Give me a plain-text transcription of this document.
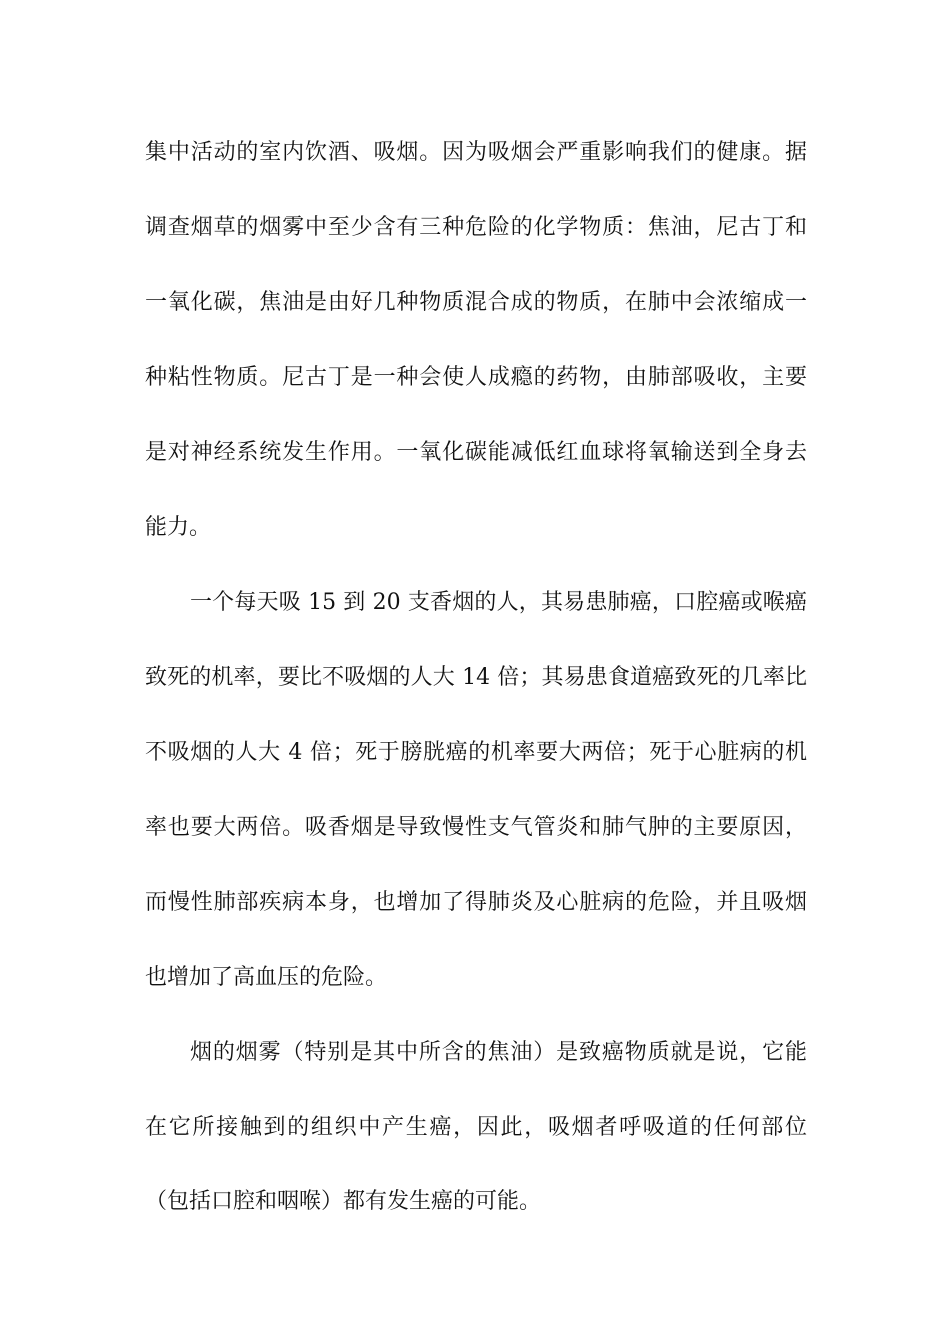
集中活动的室内饮酒、吸烟。因为吸烟会严重影响我们的健康。据
调查烟草的烟雾中至少含有三种危险的化学物质：焦油，尼古丁和
一氧化碳，焦油是由好几种物质混合成的物质，在肺中会浓缩成一
种粘性物质。尼古丁是一种会使人成瘾的药物，由肺部吸收，主要
是对神经系统发生作用。一氧化碳能减低红血球将氧输送到全身去
能力。
一个每天吸 15 到 20 支香烟的人，其易患肺癌，口腔癌或喉癌
致死的机率，要比不吸烟的人大 14 倍；其易患食道癌致死的几率比
不吸烟的人大 4 倍；死于膀胱癌的机率要大两倍；死于心脏病的机
率也要大两倍。吸香烟是导致慢性支气管炎和肺气肿的主要原因，
而慢性肺部疾病本身，也增加了得肺炎及心脏病的危险，并且吸烟
也增加了高血压的危险。
烟的烟雾（特别是其中所含的焦油）是致癌物质就是说，它能
在它所接触到的组织中产生癌，因此，吸烟者呼吸道的任何部位
（包括口腔和咽喉）都有发生癌的可能。
